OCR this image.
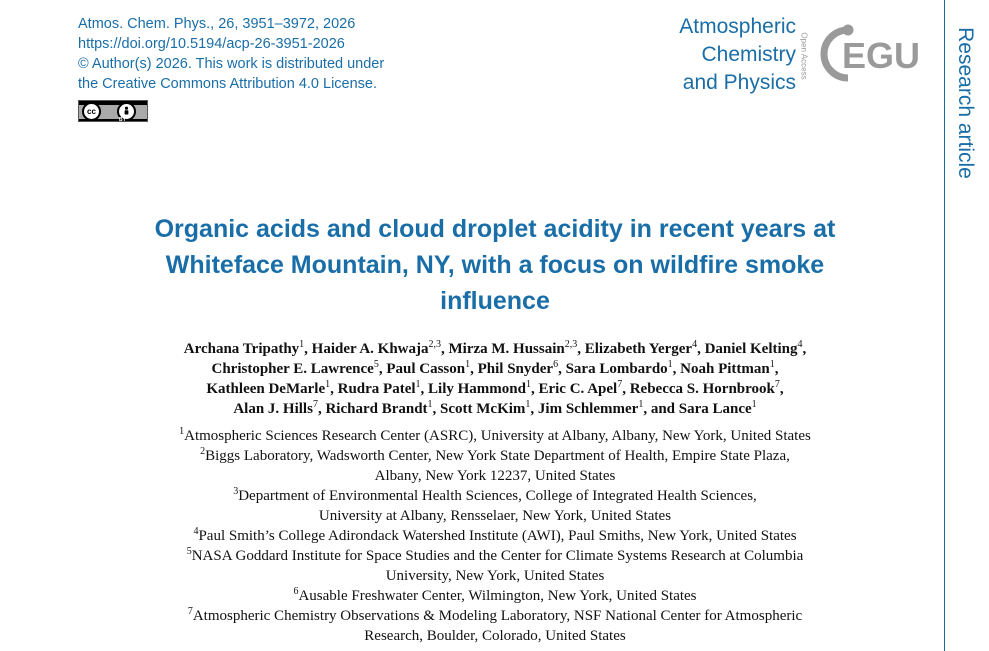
Atmos. Chem. Phys., 26, 3951–3972, 2026
https://doi.org/10.5194/acp-26-3951-2026
© Author(s) 2026. This work is distributed under
the Creative Commons Attribution 4.0 License.
cc
BY
Atmospheric
Chemistry
and Physics
Open Access EGU Research article
Organic acids and cloud droplet acidity in recent years at
Whiteface Mountain, NY, with a focus on wildfire smoke
influence
Archana Tripathy$^1$, Haider A. Khwaja$^{2,3}$, Mirza M. Hussain$^{2,3}$, Elizabeth Yerger$^4$, Daniel Kelting$^4$,
Christopher E. Lawrence$^5$, Paul Casson$^1$, Phil Snyder$^6$, Sara Lombardo$^1$, Noah Pittman$^1$,
Kathleen DeMarle$^1$, Rudra Patel$^1$, Lily Hammond$^1$, Eric C. Apel$^7$, Rebecca S. Hornbrook$^7$,
Alan J. Hills$^7$, Richard Brandt$^1$, Scott McKim$^1$, Jim Schlemmer$^1$, and Sara Lance$^1$
$^1$Atmospheric Sciences Research Center (ASRC), University at Albany, Albany, New York, United States
$^2$Biggs Laboratory, Wadsworth Center, New York State Department of Health, Empire State Plaza,
Albany, New York 12237, United States
$^3$Department of Environmental Health Sciences, College of Integrated Health Sciences,
University at Albany, Rensselaer, New York, United States
$^4$Paul Smith’s College Adirondack Watershed Institute (AWI), Paul Smiths, New York, United States
$^5$NASA Goddard Institute for Space Studies and the Center for Climate Systems Research at Columbia
University, New York, United States
$^6$Ausable Freshwater Center, Wilmington, New York, United States
$^7$Atmospheric Chemistry Observations & Modeling Laboratory, NSF National Center for Atmospheric
Research, Boulder, Colorado, United States
